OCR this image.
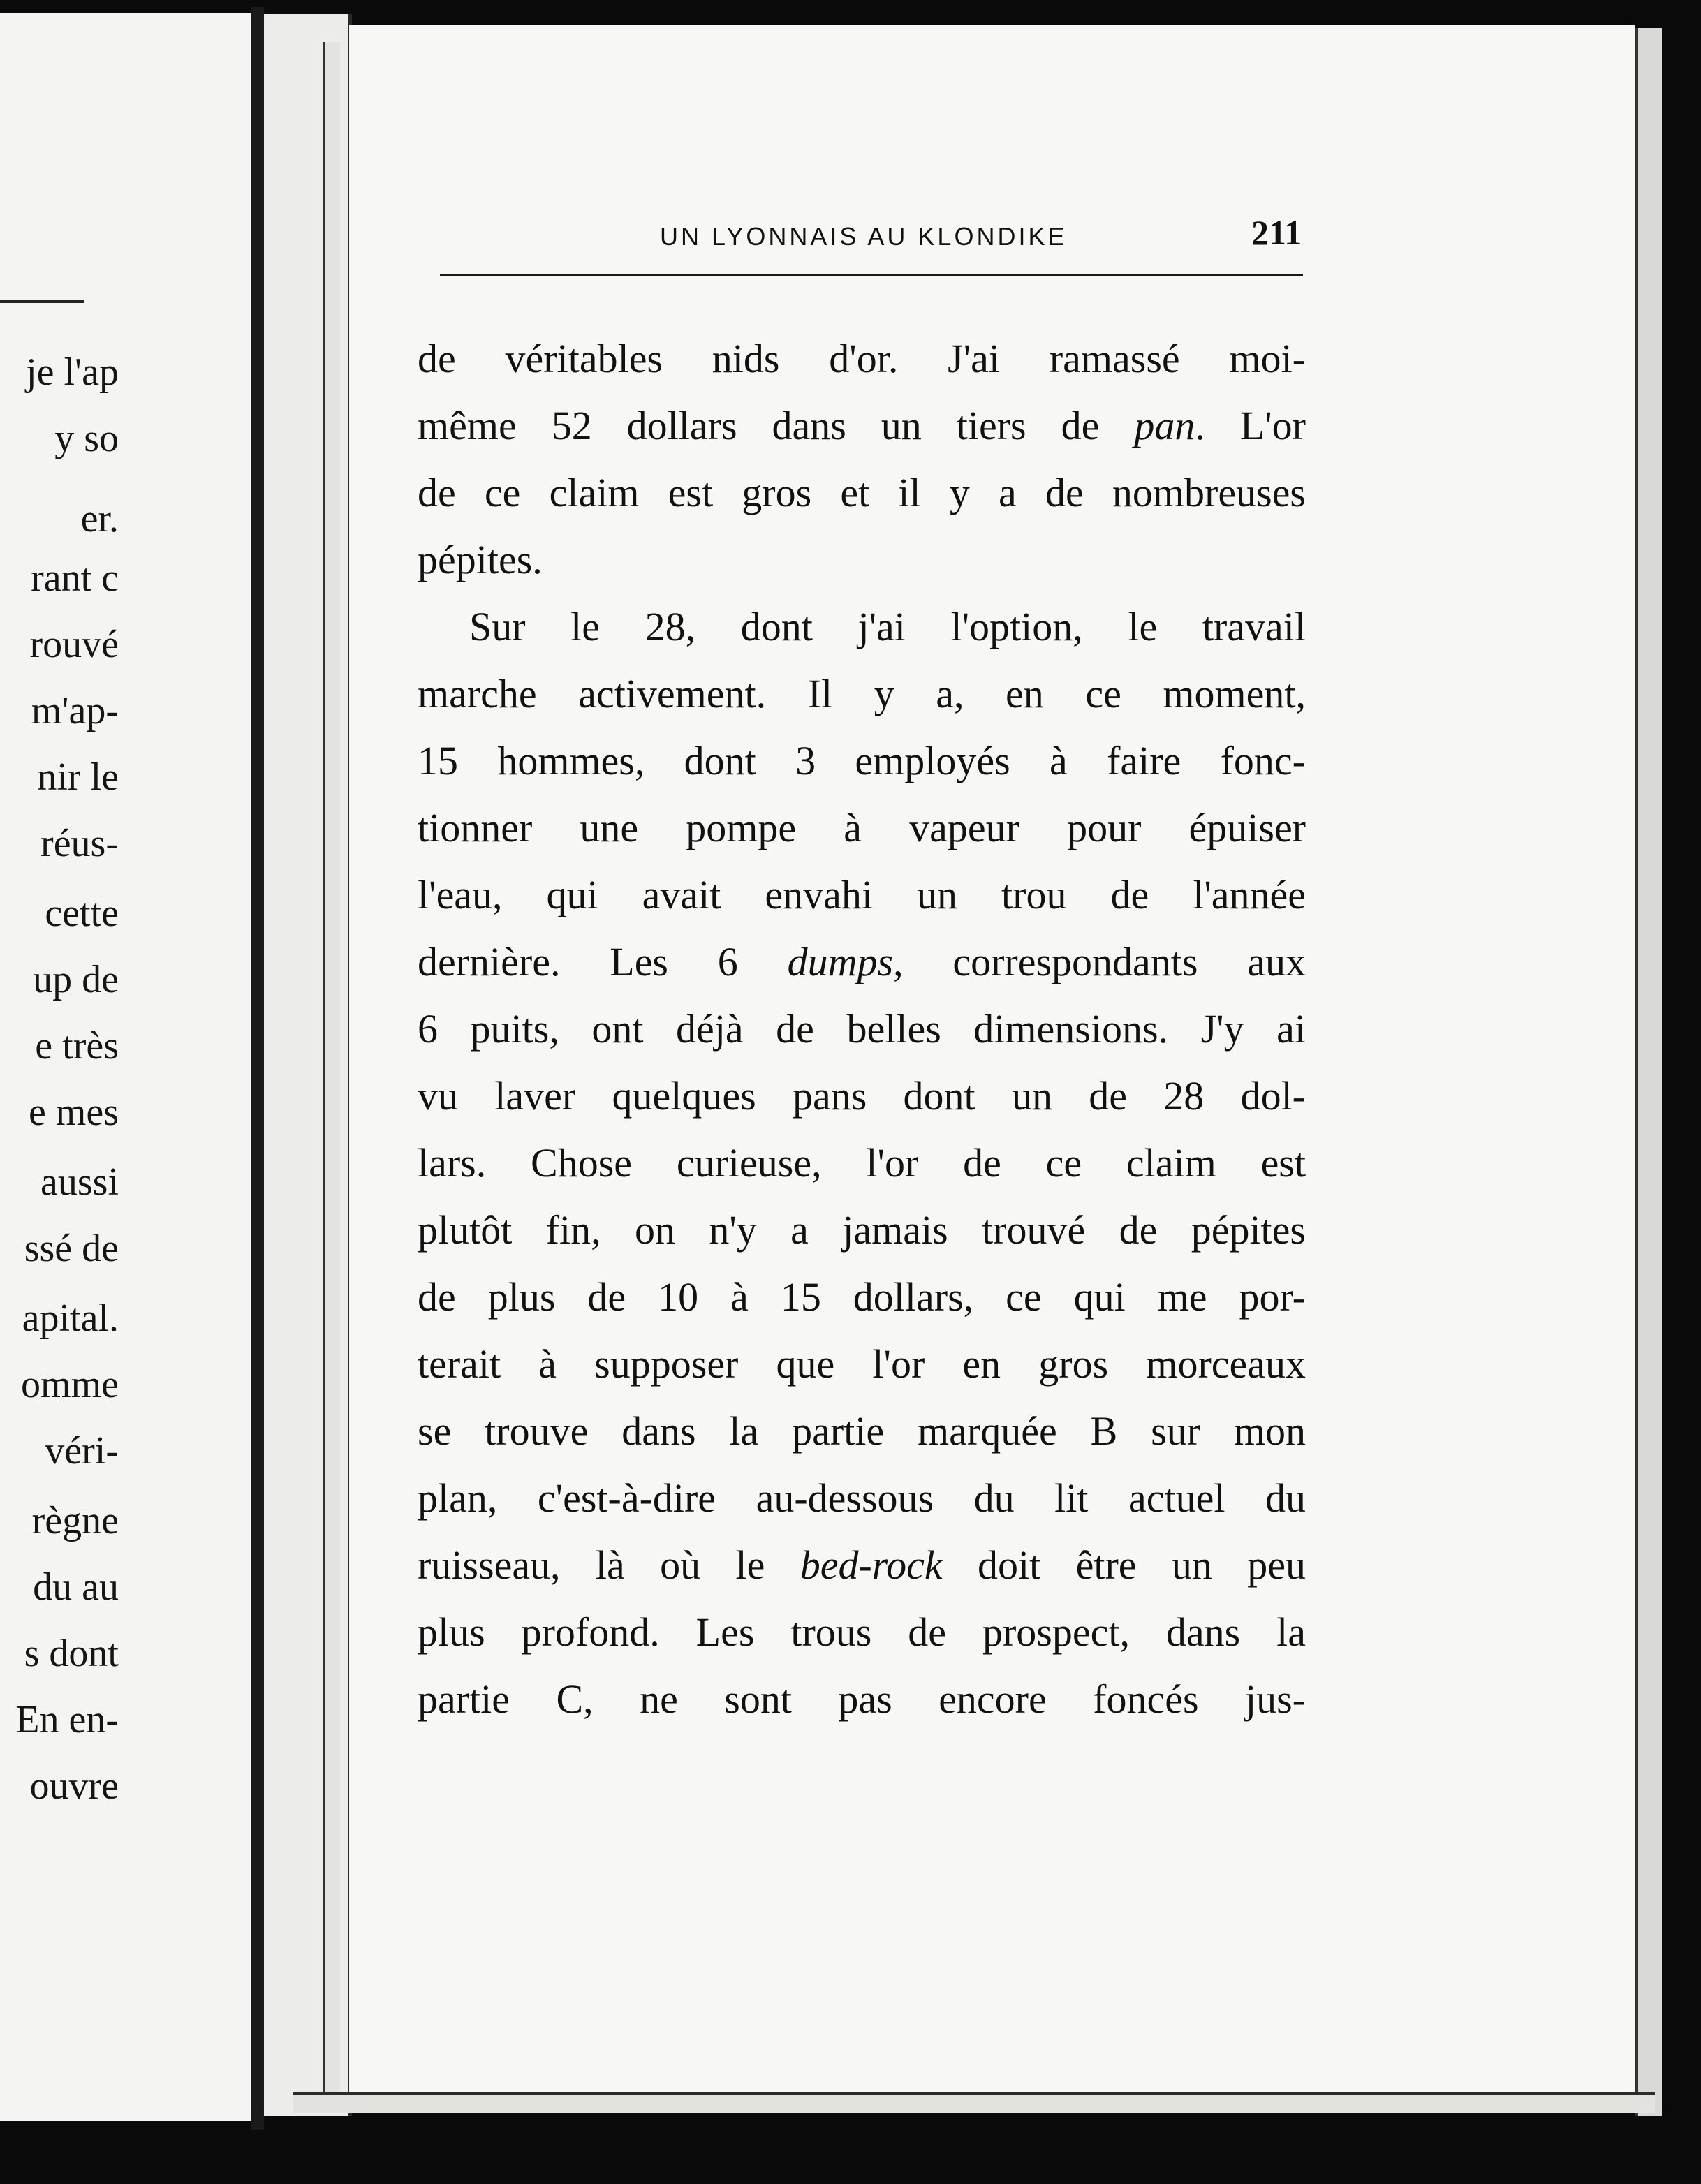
je l'ap
y so
er.
rant c
rouvé
m'ap-
nir le
réus-
cette
up de
e très
e mes
aussi
ssé de
apital.
omme
véri-
règne
du au
s dont
En en-
ouvre
UN LYONNAIS AU KLONDIKE	211
de véritables nids d'or. J'ai ramassé moi-
même 52 dollars dans un tiers de pan. L'or
de ce claim est gros et il y a de nombreuses
pépites.
Sur le 28, dont j'ai l'option, le travail
marche activement. Il y a, en ce moment,
15 hommes, dont 3 employés à faire fonc-
tionner une pompe à vapeur pour épuiser
l'eau, qui avait envahi un trou de l'année
dernière. Les 6 dumps, correspondants aux
6 puits, ont déjà de belles dimensions. J'y ai
vu laver quelques pans dont un de 28 dol-
lars. Chose curieuse, l'or de ce claim est
plutôt fin, on n'y a jamais trouvé de pépites
de plus de 10 à 15 dollars, ce qui me por-
terait à supposer que l'or en gros morceaux
se trouve dans la partie marquée B sur mon
plan, c'est-à-dire au-dessous du lit actuel du
ruisseau, là où le bed-rock doit être un peu
plus profond. Les trous de prospect, dans la
partie C, ne sont pas encore foncés jus-
